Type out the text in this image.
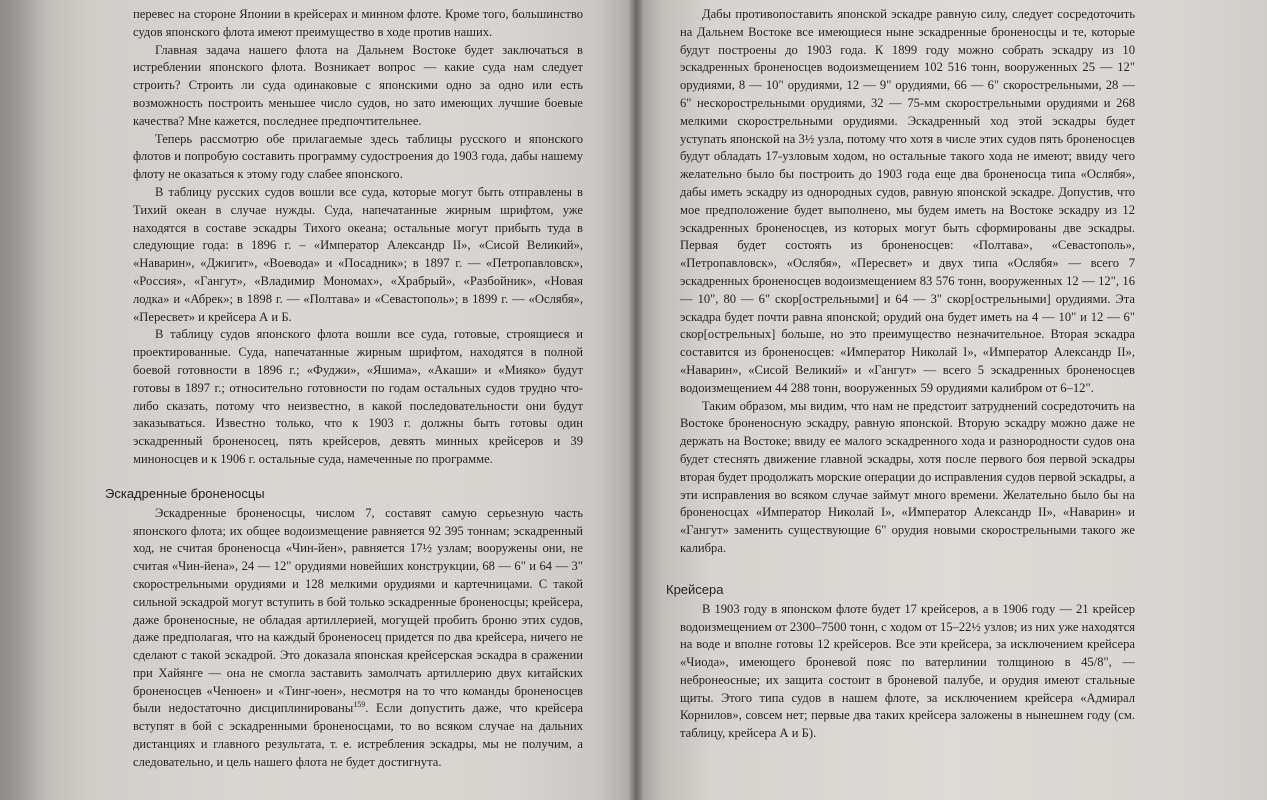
перевес на стороне Японии в крейсерах и минном флоте. Кроме того, большинство судов японского флота имеют преимущество в ходе против наших.

Главная задача нашего флота на Дальнем Востоке будет заключаться в истреблении японского флота. Возникает вопрос — какие суда нам следует строить? Строить ли суда одинаковые с японскими одно за одно или есть возможность построить меньшее число судов, но зато имеющих лучшие боевые качества? Мне кажется, последнее предпочтительнее.

Теперь рассмотрю обе прилагаемые здесь таблицы русского и японского флотов и попробую составить программу судостроения до 1903 года, дабы нашему флоту не оказаться к этому году слабее японского.

В таблицу русских судов вошли все суда, которые могут быть отправлены в Тихий океан в случае нужды. Суда, напечатанные жирным шрифтом, уже находятся в составе эскадры Тихого океана; остальные могут прибыть туда в следующие года: в 1896 г. – «Император Александр II», «Сисой Великий», «Наварин», «Джигит», «Воевода» и «Посадник»; в 1897 г. — «Петропавловск», «Россия», «Гангут», «Владимир Мономах», «Храбрый», «Разбойник», «Новая лодка» и «Абрек»; в 1898 г. — «Полтава» и «Севастополь»; в 1899 г. — «Ослябя», «Пересвет» и крейсера А и Б.

В таблицу судов японского флота вошли все суда, готовые, строящиеся и проектированные. Суда, напечатанные жирным шрифтом, находятся в полной боевой готовности в 1896 г.; «Фуджи», «Яшима», «Акаши» и «Мияко» будут готовы в 1897 г.; относительно готовности по годам остальных судов трудно что-либо сказать, потому что неизвестно, в какой последовательности они будут заказываться. Известно только, что к 1903 г. должны быть готовы один эскадренный броненосец, пять крейсеров, девять минных крейсеров и 39 миноносцев и к 1906 г. остальные суда, намеченные по программе.

Эскадренные броненосцы

Эскадренные броненосцы, числом 7, составят самую серьезную часть японского флота; их общее водоизмещение равняется 92 395 тоннам; эскадренный ход, не считая броненосца «Чин-йен», равняется 17½ узлам; вооружены они, не считая «Чин-йена», 24 — 12" орудиями новейших конструкции, 68 — 6" и 64 — 3" скорострельными орудиями и 128 мелкими орудиями и картечницами. С такой сильной эскадрой могут вступить в бой только эскадренные броненосцы; крейсера, даже броненосные, не обладая артиллерией, могущей пробить броню этих судов, даже предполагая, что на каждый броненосец придется по два крейсера, ничего не сделают с такой эскадрой. Это доказала японская крейсерская эскадра в сражении при Хайянге — она не смогла заставить замолчать артиллерию двух китайских броненосцев «Ченюен» и «Тинг-юен», несмотря на то что команды броненосцев были недостаточно дисциплинированы$^{159}$. Если допустить даже, что крейсера вступят в бой с эскадренными броненосцами, то во всяком случае на дальних дистанциях и главного результата, т. е. истребления эскадры, мы не получим, а следовательно, и цель нашего флота не будет достигнута.

Дабы противопоставить японской эскадре равную силу, следует сосредоточить на Дальнем Востоке все имеющиеся ныне эскадренные броненосцы и те, которые будут построены до 1903 года. К 1899 году можно собрать эскадру из 10 эскадренных броненосцев водоизмещением 102 516 тонн, вооруженных 25 — 12" орудиями, 8 — 10" орудиями, 12 — 9" орудиями, 66 — 6" скорострельными, 28 — 6" нескорострельными орудиями, 32 — 75-мм скорострельными орудиями и 268 мелкими скорострельными орудиями. Эскадренный ход этой эскадры будет уступать японской на 3½ узла, потому что хотя в числе этих судов пять броненосцев будут обладать 17-узловым ходом, но остальные такого хода не имеют; ввиду чего желательно было бы построить до 1903 года еще два броненосца типа «Ослябя», дабы иметь эскадру из однородных судов, равную японской эскадре. Допустив, что мое предположение будет выполнено, мы будем иметь на Востоке эскадру из 12 эскадренных броненосцев, из которых могут быть сформированы две эскадры. Первая будет состоять из броненосцев: «Полтава», «Севастополь», «Петропавловск», «Ослябя», «Пересвет» и двух типа «Ослябя» — всего 7 эскадренных броненосцев водоизмещением 83 576 тонн, вооруженных 12 — 12", 16 — 10", 80 — 6" скор[острельными] и 64 — 3" скор[острельными] орудиями. Эта эскадра будет почти равна японской; орудий она будет иметь на 4 — 10" и 12 — 6" скор[острельных] больше, но это преимущество незначительное. Вторая эскадра составится из броненосцев: «Император Николай I», «Император Александр II», «Наварин», «Сисой Великий» и «Гангут» — всего 5 эскадренных броненосцев водоизмещением 44 288 тонн, вооруженных 59 орудиями калибром от 6–12".

Таким образом, мы видим, что нам не предстоит затруднений сосредоточить на Востоке броненосную эскадру, равную японской. Вторую эскадру можно даже не держать на Востоке; ввиду ее малого эскадренного хода и разнородности судов она будет стеснять движение главной эскадры, хотя после первого боя первой эскадры вторая будет продолжать морские операции до исправления судов первой эскадры, а эти исправления во всяком случае займут много времени. Желательно было бы на броненосцах «Император Николай I», «Император Александр II», «Наварин» и «Гангут» заменить существующие 6" орудия новыми скорострельными такого же калибра.

Крейсера

В 1903 году в японском флоте будет 17 крейсеров, а в 1906 году — 21 крейсер водоизмещением от 2300–7500 тонн, с ходом от 15–22½ узлов; из них уже находятся на воде и вполне готовы 12 крейсеров. Все эти крейсера, за исключением крейсера «Чиода», имеющего броневой пояс по ватерлинии толщиною в 45/8", — небронеосные; их защита состоит в броневой палубе, и орудия имеют стальные щиты. Этого типа судов в нашем флоте, за исключением крейсера «Адмирал Корнилов», совсем нет; первые два таких крейсера заложены в нынешнем году (см. таблицу, крейсера А и Б).
